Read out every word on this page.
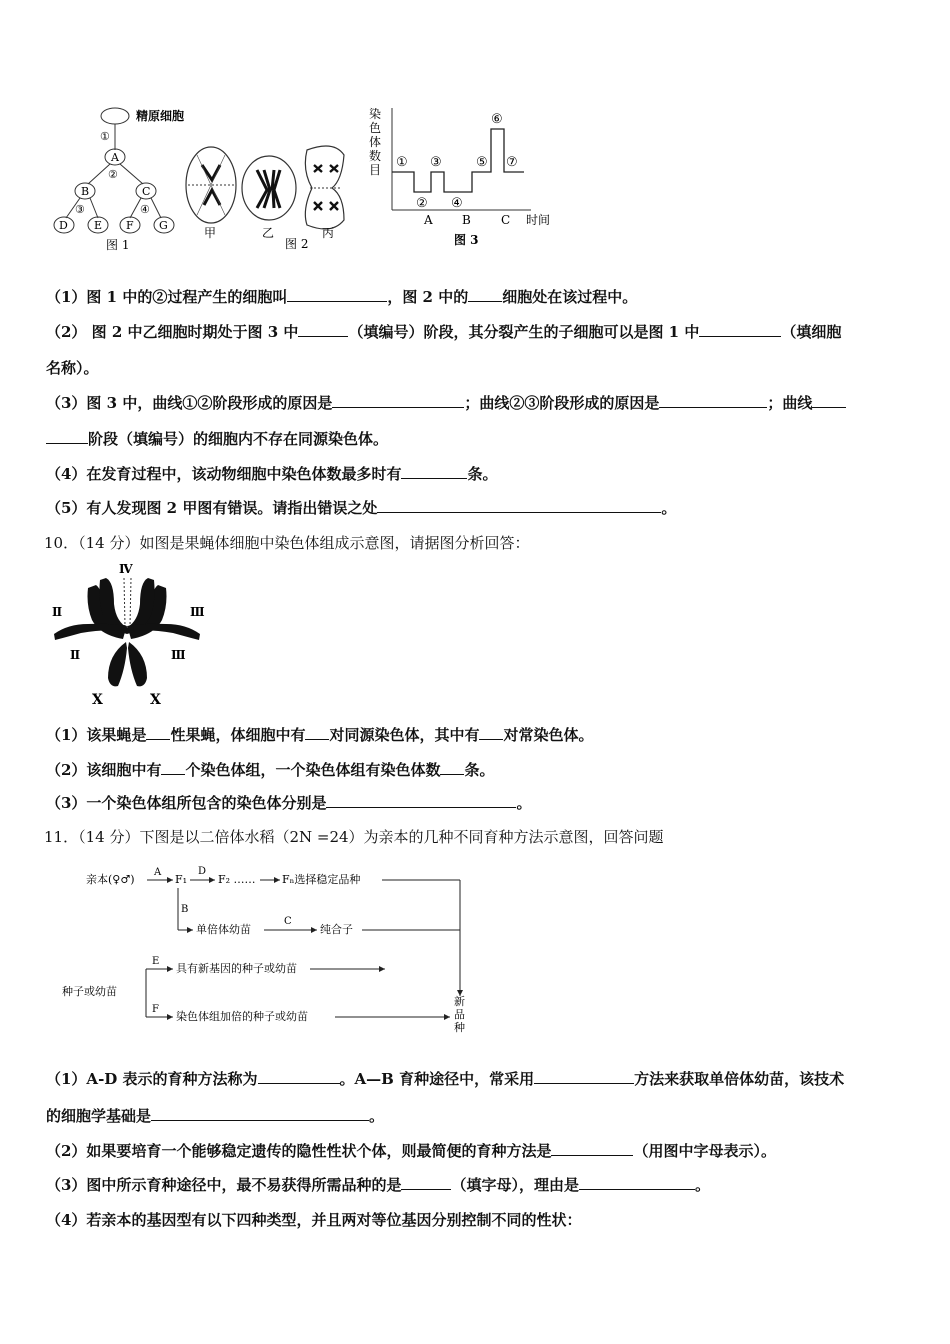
精原细胞
①
A
②
B	C
③	④
D E F G
图 1
甲	乙	丙
图 2
染色体数目 ①
②
③
④
⑤
⑥
⑦
A B	C 时间
图 3
（1）图 1 中的②过程产生的细胞叫	，图 2 中的 细胞处在该过程中。
（2） 图 2 中乙细胞时期处于图 3 中	（填编号）阶段，其分裂产生的子细胞可以是图 1 中	（填细胞
名称）。
（3）图 3 中，曲线①②阶段形成的原因是	；曲线②③阶段形成的原因是	；曲线
阶段（填编号）的细胞内不存在同源染色体。
（4）在发育过程中，该动物细胞中染色体数最多时有	条。
（5）有人发现图 2 甲图有错误。请指出错误之处	。
10．（14 分）如图是果蝇体细胞中染色体组成示意图，请据图分析回答：
Ⅳ
Ⅱ	Ⅲ
Ⅱ	Ⅲ
X	X
（1）该果蝇是 性果蝇，体细胞中有 对同源染色体，其中有 对常染色体。
（2）该细胞中有 个染色体组，一个染色体组有染色体数 条。
（3）一个染色体组所包含的染色体分别是	。
11．（14 分）下图是以二倍体水稻（2N =24）为亲本的几种不同育种方法示意图，回答问题
亲本(♀♂)
A
F₁
D
F₂ …… Fₙ选择稳定品种
B
单倍体幼苗
C
纯合子
种子或幼苗
E
具有新基因的种子或幼苗
F
染色体组加倍的种子或幼苗
新品种
（1）A-D 表示的育种方法称为	。A—B 育种途径中，常采用	方法来获取单倍体幼苗，该技术
的细胞学基础是	。
（2）如果要培育一个能够稳定遗传的隐性性状个体，则最简便的育种方法是	（用图中字母表示）。
（3）图中所示育种途径中，最不易获得所需品种的是	（填字母），理由是	。
（4）若亲本的基因型有以下四种类型，并且两对等位基因分别控制不同的性状：
